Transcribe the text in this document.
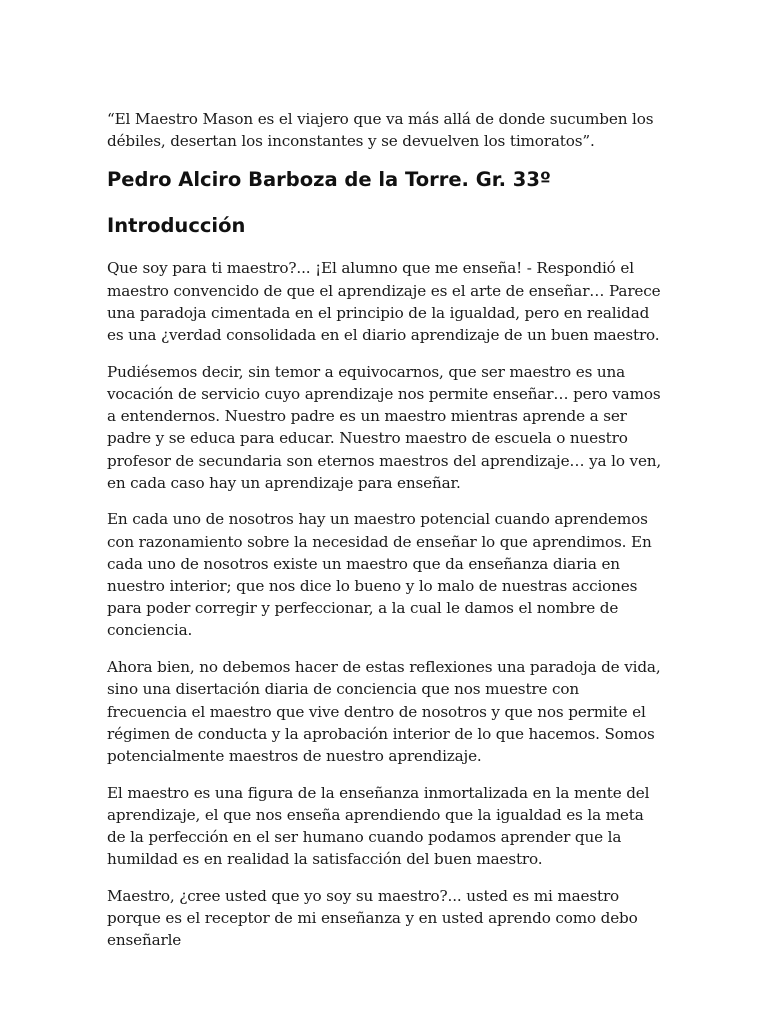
“El Maestro Mason es el viajero que va más allá de donde sucumben los débiles, desertan los inconstantes y se devuelven los timoratos”.

Pedro Alciro Barboza de la Torre. Gr. 33º
Introducción

Que soy para ti maestro?... ¡El alumno que me enseña! - Respondió el maestro convencido de que el aprendizaje es el arte de enseñar… Parece una paradoja cimentada en el principio de la igualdad, pero en realidad es una ¿verdad consolidada en el diario aprendizaje de un buen maestro.

Pudiésemos decir, sin temor a equivocarnos, que ser maestro es una vocación de servicio cuyo aprendizaje nos permite enseñar… pero vamos a entendernos. Nuestro padre es un maestro mientras aprende a ser padre y se educa para educar. Nuestro maestro de escuela o nuestro profesor de secundaria son eternos maestros del aprendizaje… ya lo ven, en cada caso hay un aprendizaje para enseñar.

En cada uno de nosotros hay un maestro potencial cuando aprendemos con razonamiento sobre la necesidad de enseñar lo que aprendimos. En cada uno de nosotros existe un maestro que da enseñanza diaria en nuestro interior; que nos dice lo bueno y lo malo de nuestras acciones para poder corregir y perfeccionar, a la cual le damos el nombre de conciencia.

Ahora bien, no debemos hacer de estas reflexiones una paradoja de vida, sino una disertación diaria de conciencia que nos muestre con frecuencia el maestro que vive dentro de nosotros y que nos permite el régimen de conducta y la aprobación interior de lo que hacemos. Somos potencialmente maestros de nuestro aprendizaje.

El maestro es una figura de la enseñanza inmortalizada en la mente del aprendizaje, el que nos enseña aprendiendo que la igualdad es la meta de la perfección en el ser humano cuando podamos aprender que la humildad es en realidad la satisfacción del buen maestro.

Maestro, ¿cree usted que yo soy su maestro?... usted es mi maestro porque es el receptor de mi enseñanza y en usted aprendo como debo enseñarle
